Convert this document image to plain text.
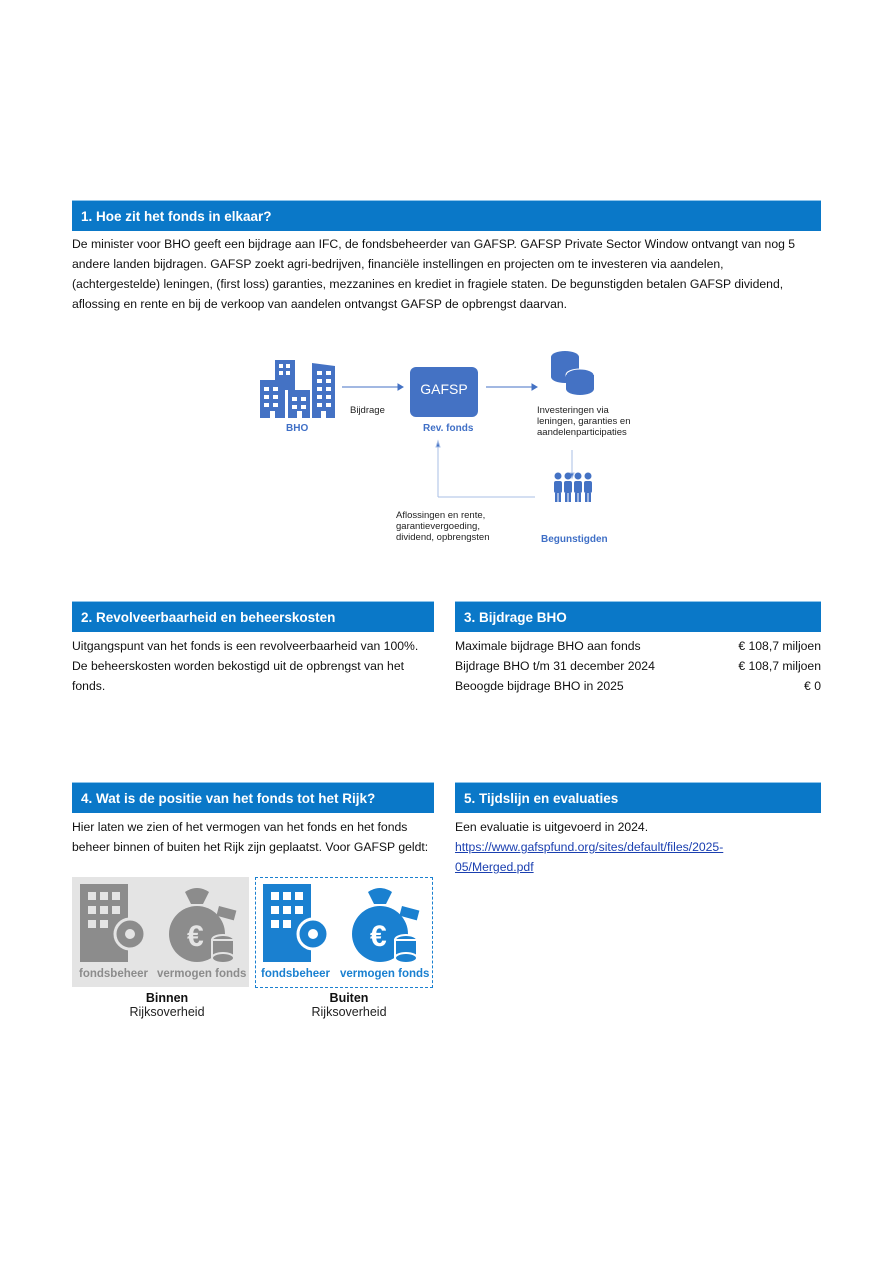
1. Hoe zit het fonds in elkaar?
De minister voor BHO geeft een bijdrage aan IFC, de fondsbeheerder van GAFSP. GAFSP Private Sector Window ontvangt van nog 5
andere landen bijdragen. GAFSP zoekt agri-bedrijven, financiële instellingen en projecten om te investeren via aandelen,
(achtergestelde) leningen, (first loss) garanties, mezzanines en krediet in fragiele staten. De begunstigden betalen GAFSP dividend,
aflossing en rente en bij de verkoop van aandelen ontvangst GAFSP de opbrengst daarvan.
GAFSP
BHO
Bijdrage
Rev. fonds
Investeringen via
leningen, garanties en
aandelenparticipaties
Aflossingen en rente,
garantievergoeding,
dividend, opbrengsten	Begunstigden
2. Revolveerbaarheid en beheerskosten
Uitgangspunt van het fonds is een revolveerbaarheid van 100%.
De beheerskosten worden bekostigd uit de opbrengst van het
fonds.
3. Bijdrage BHO
Maximale bijdrage BHO aan fonds	€ 108,7 miljoen
Bijdrage BHO t/m 31 december 2024	€ 108,7 miljoen
Beoogde bijdrage BHO in 2025	€ 0
4. Wat is de positie van het fonds tot het Rijk?
Hier laten we zien of het vermogen van het fonds en het fonds
beheer binnen of buiten het Rijk zijn geplaatst. Voor GAFSP geldt:
€
fondsbeheer vermogen fonds
Binnen
Rijksoverheid
€
fondsbeheer vermogen fonds
Buiten
Rijksoverheid
5. Tijdslijn en evaluaties
Een evaluatie is uitgevoerd in 2024.
https://www.gafspfund.org/sites/default/files/2025-
05/Merged.pdf
